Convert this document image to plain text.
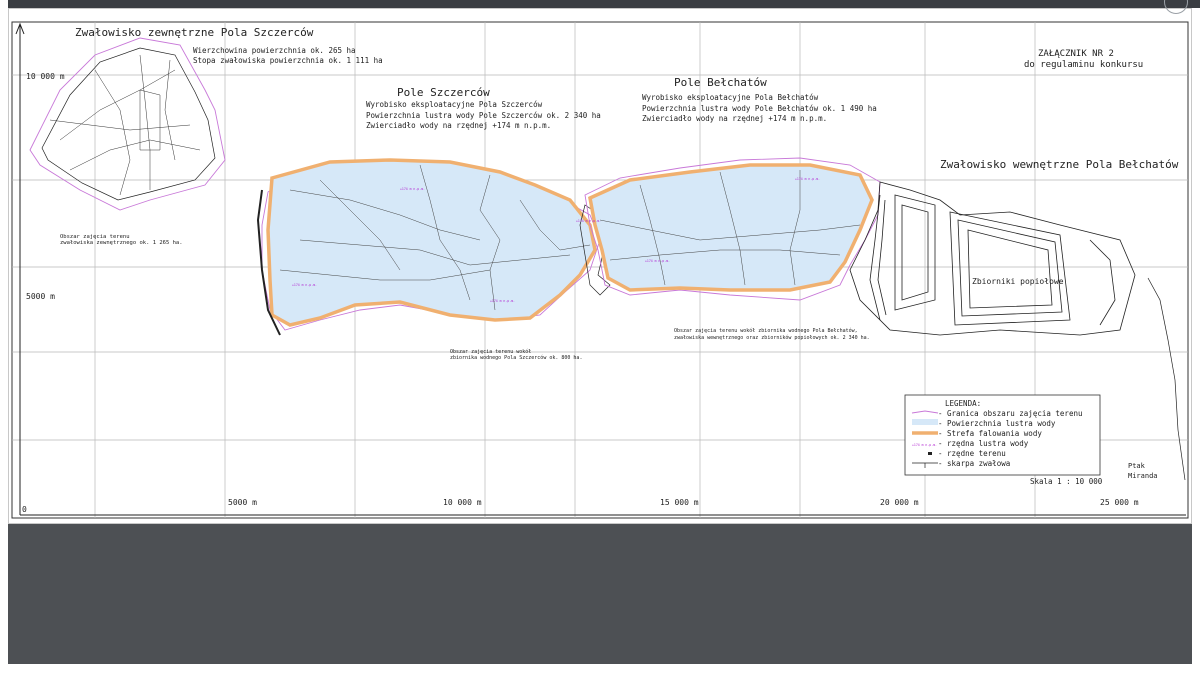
+174 m n.p.m.
+174 m n.p.m.
+174 m n.p.m.
+174 m n.p.m.
+174 m n.p.m.
+174 m n.p.m.
Zwałowisko zewnętrzne Pola Szczerców
Wierzchowina powierzchnia ok. 265 ha
Stopa zwałowiska powierzchnia ok. 1 111 ha
Obszar zajęcia terenu
zwałowiska zewnętrznego ok. 1 265 ha.
Pole Szczerców
Wyrobisko eksploatacyjne Pola Szczerców
Powierzchnia lustra wody Pole Szczerców ok. 2 340 ha
Zwierciadło wody na rzędnej +174 m n.p.m.
Obszar zajęcia terenu wokół
zbiornika wodnego Pola Szczerców ok. 800 ha.
Pole Bełchatów
Wyrobisko eksploatacyjne Pola Bełchatów
Powierzchnia lustra wody Pole Bełchatów ok. 1 490 ha
Zwierciadło wody na rzędnej +174 m n.p.m.
Obszar zajęcia terenu wokół zbiornika wodnego Pola Bełchatów,
zwałowiska wewnętrznego oraz zbiorników popiołowych ok. 2 340 ha.
Zwałowisko wewnętrzne Pola Bełchatów
Zbiorniki popiołowe
ZAŁĄCZNIK NR 2
do regulaminu konkursu
10 000 m
5000 m
0
5000 m	10 000 m	15 000 m	20 000 m	25 000 m
Skala 1 : 10 000
Ptak
Miranda
LEGENDA:
- Granica obszaru zajęcia terenu
- Powierzchnia lustra wody
- Strefa falowania wody
+174 m n.p.m. - rzędna lustra wody
- rzędne terenu
- skarpa zwałowa
